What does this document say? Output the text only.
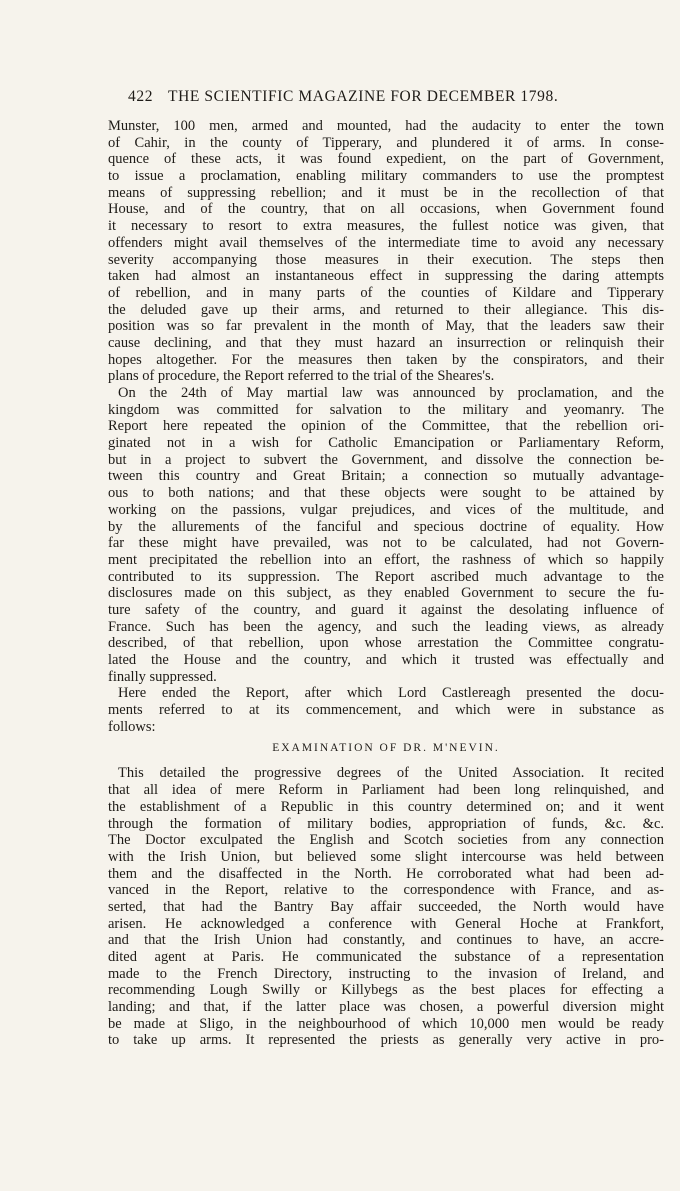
422 THE SCIENTIFIC MAGAZINE FOR DECEMBER 1798.
Munster, 100 men, armed and mounted, had the audacity to enter the town
of Cahir, in the county of Tipperary, and plundered it of arms. In conse-
quence of these acts, it was found expedient, on the part of Government,
to issue a proclamation, enabling military commanders to use the promptest
means of suppressing rebellion; and it must be in the recollection of that
House, and of the country, that on all occasions, when Government found
it necessary to resort to extra measures, the fullest notice was given, that
offenders might avail themselves of the intermediate time to avoid any necessary
severity accompanying those measures in their execution. The steps then
taken had almost an instantaneous effect in suppressing the daring attempts
of rebellion, and in many parts of the counties of Kildare and Tipperary
the deluded gave up their arms, and returned to their allegiance. This dis-
position was so far prevalent in the month of May, that the leaders saw their
cause declining, and that they must hazard an insurrection or relinquish their
hopes altogether. For the measures then taken by the conspirators, and their
plans of procedure, the Report referred to the trial of the Sheares's.
On the 24th of May martial law was announced by proclamation, and the
kingdom was committed for salvation to the military and yeomanry. The
Report here repeated the opinion of the Committee, that the rebellion ori-
ginated not in a wish for Catholic Emancipation or Parliamentary Reform,
but in a project to subvert the Government, and dissolve the connection be-
tween this country and Great Britain; a connection so mutually advantage-
ous to both nations; and that these objects were sought to be attained by
working on the passions, vulgar prejudices, and vices of the multitude, and
by the allurements of the fanciful and specious doctrine of equality. How
far these might have prevailed, was not to be calculated, had not Govern-
ment precipitated the rebellion into an effort, the rashness of which so happily
contributed to its suppression. The Report ascribed much advantage to the
disclosures made on this subject, as they enabled Government to secure the fu-
ture safety of the country, and guard it against the desolating influence of
France. Such has been the agency, and such the leading views, as already
described, of that rebellion, upon whose arrestation the Committee congratu-
lated the House and the country, and which it trusted was effectually and
finally suppressed.
Here ended the Report, after which Lord Castlereagh presented the docu-
ments referred to at its commencement, and which were in substance as
follows:
EXAMINATION OF DR. M'NEVIN.
This detailed the progressive degrees of the United Association. It recited
that all idea of mere Reform in Parliament had been long relinquished, and
the establishment of a Republic in this country determined on; and it went
through the formation of military bodies, appropriation of funds, &c. &c.
The Doctor exculpated the English and Scotch societies from any connection
with the Irish Union, but believed some slight intercourse was held between
them and the disaffected in the North. He corroborated what had been ad-
vanced in the Report, relative to the correspondence with France, and as-
serted, that had the Bantry Bay affair succeeded, the North would have
arisen. He acknowledged a conference with General Hoche at Frankfort,
and that the Irish Union had constantly, and continues to have, an accre-
dited agent at Paris. He communicated the substance of a representation
made to the French Directory, instructing to the invasion of Ireland, and
recommending Lough Swilly or Killybegs as the best places for effecting a
landing; and that, if the latter place was chosen, a powerful diversion might
be made at Sligo, in the neighbourhood of which 10,000 men would be ready
to take up arms. It represented the priests as generally very active in pro-
